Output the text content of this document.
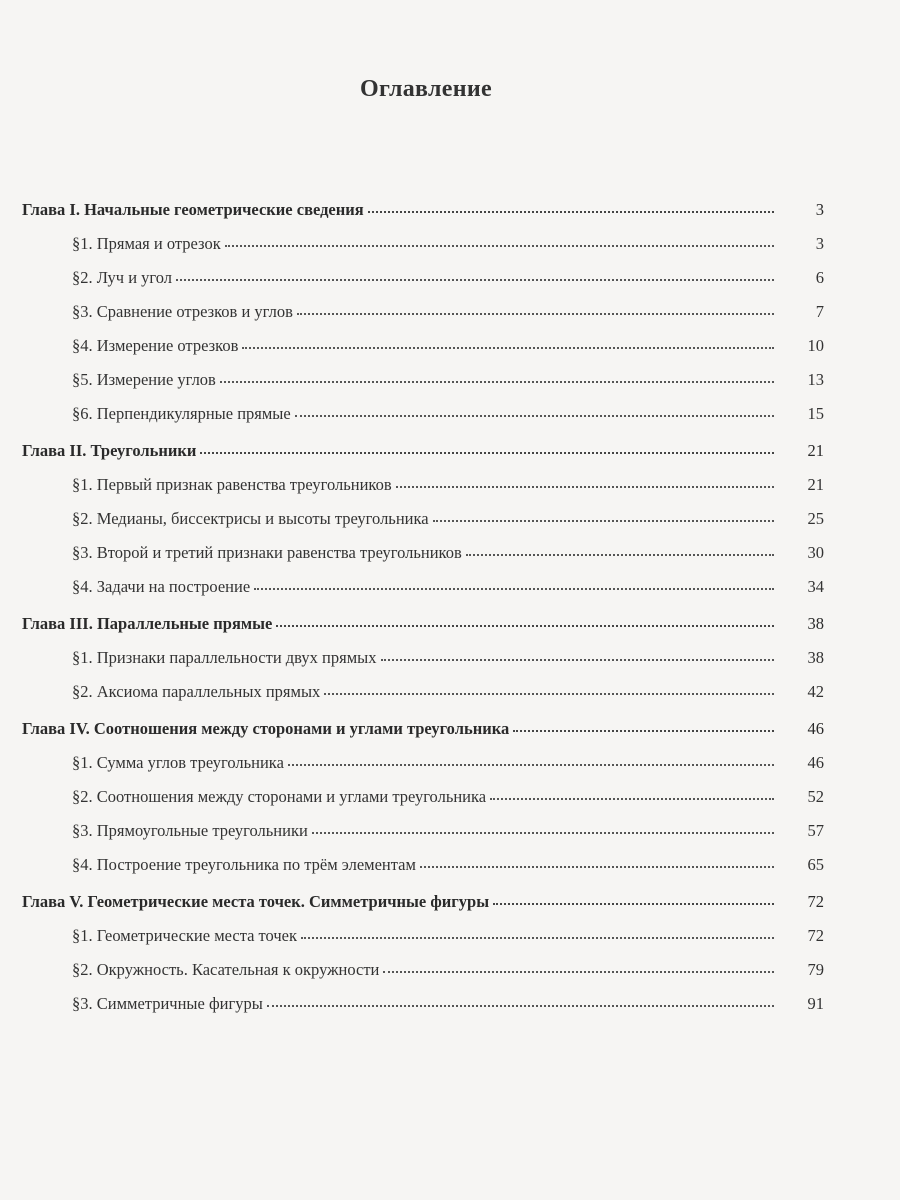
Оглавление
Глава I. Начальные геометрические сведения	3
§1. Прямая и отрезок	3
§2. Луч и угол	6
§3. Сравнение отрезков и углов	7
§4. Измерение отрезков	10
§5. Измерение углов	13
§6. Перпендикулярные прямые	15
Глава II. Треугольники	21
§1. Первый признак равенства треугольников	21
§2. Медианы, биссектрисы и высоты треугольника	25
§3. Второй и третий признаки равенства треугольников	30
§4. Задачи на построение	34
Глава III. Параллельные прямые	38
§1. Признаки параллельности двух прямых	38
§2. Аксиома параллельных прямых	42
Глава IV. Соотношения между сторонами и углами треугольника	46
§1. Сумма углов треугольника	46
§2. Соотношения между сторонами и углами треугольника	52
§3. Прямоугольные треугольники	57
§4. Построение треугольника по трём элементам	65
Глава V. Геометрические места точек. Симметричные фигуры	72
§1. Геометрические места точек	72
§2. Окружность. Касательная к окружности	79
§3. Симметричные фигуры	91
